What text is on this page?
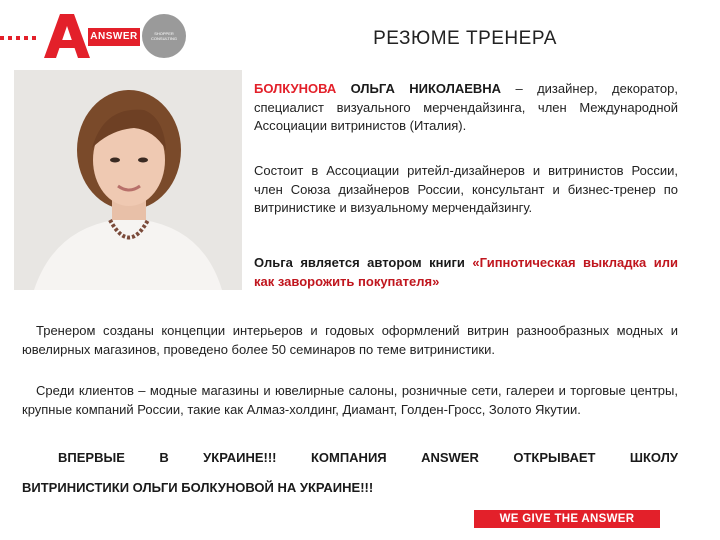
ANSWER	SHOPPER
CONSULTING	РЕЗЮМЕ ТРЕНЕРА
БОЛКУНОВА ОЛЬГА НИКОЛАЕВНА – дизайнер, декоратор, специалист визуального мерчендайзинга, член Международной Ассоциации витринистов (Италия).
Состоит в Ассоциации ритейл-дизайнеров и витринистов России, член Союза дизайнеров России, консультант и бизнес-тренер по витринистике и визуальному мерчендайзингу.
Ольга является автором книги «Гипнотическая выкладка или как заворожить покупателя»
Тренером созданы концепции интерьеров и годовых оформлений витрин разнообразных модных и ювелирных магазинов, проведено более 50 семинаров по теме витринистики.
Среди клиентов – модные магазины и ювелирные салоны, розничные сети, галереи и торговые центры, крупные компаний России, такие как Алмаз-холдинг, Диамант, Голден-Гросс, Золото Якутии.
ВПЕРВЫЕ	В	УКРАИНЕ!!!	КОМПАНИЯ	ANSWER	ОТКРЫВАЕТ	ШКОЛУ
ВИТРИНИСТИКИ ОЛЬГИ БОЛКУНОВОЙ НА УКРАИНЕ!!!
WE GIVE THE ANSWER
